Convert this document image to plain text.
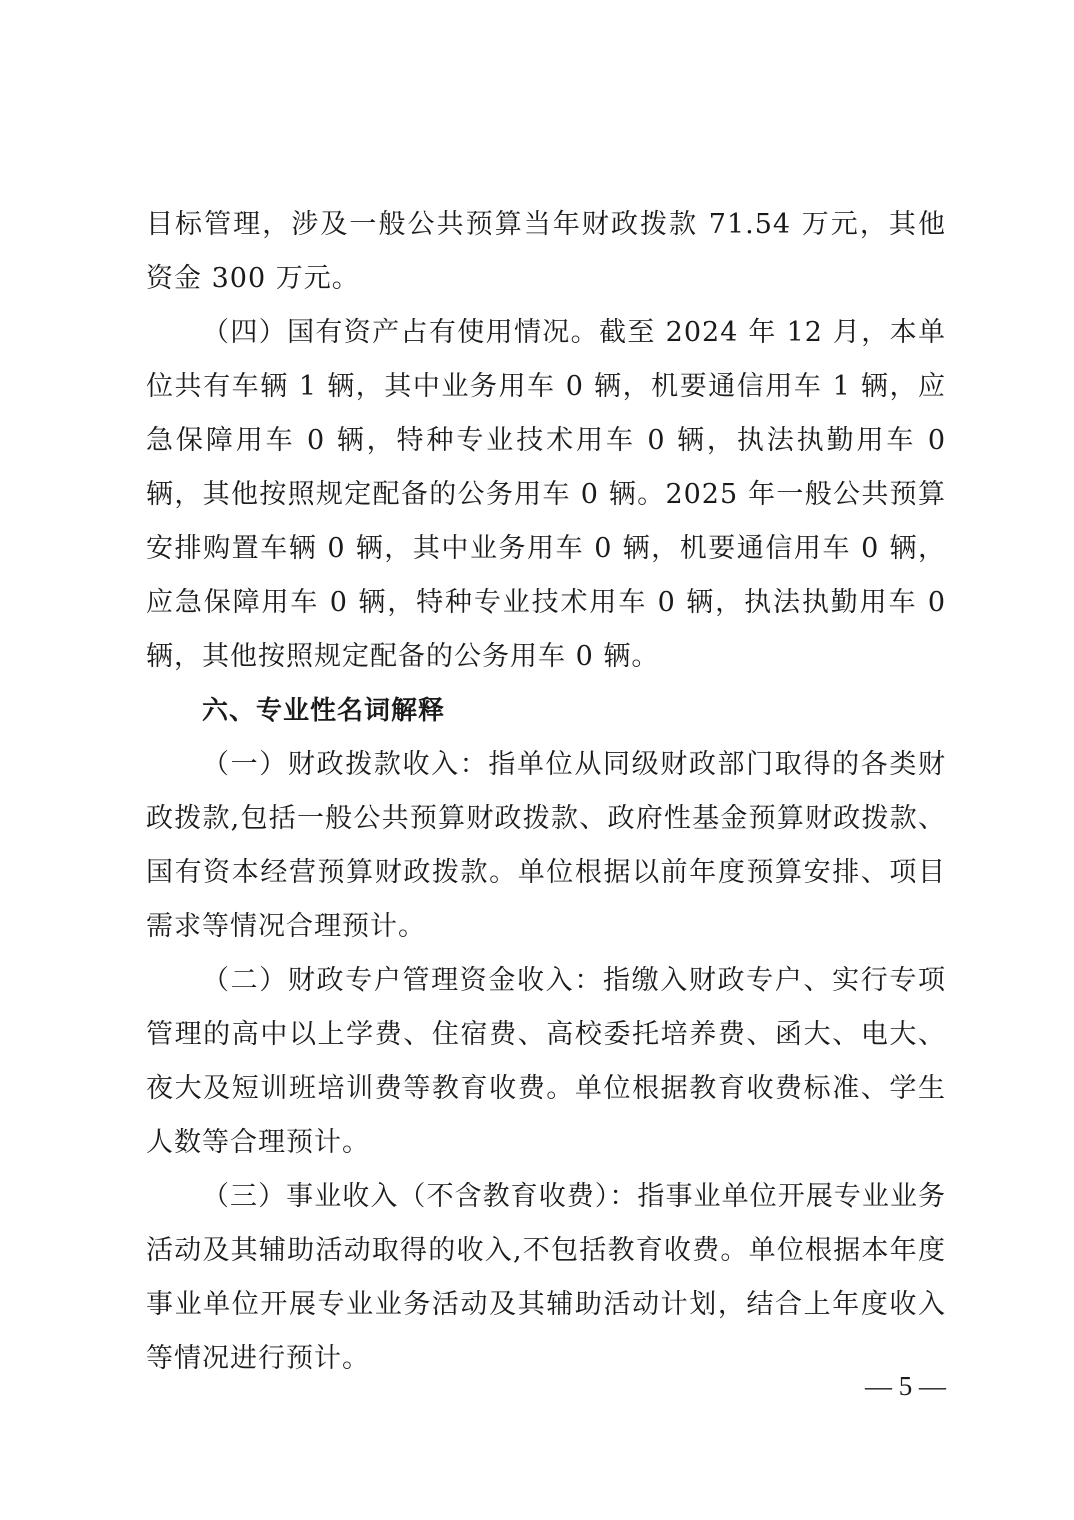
目标管理，涉及一般公共预算当年财政拨款 71.54 万元，其他资金 300 万元。

（四）国有资产占有使用情况。截至 2024 年 12 月，本单位共有车辆 1 辆，其中业务用车 0 辆，机要通信用车 1 辆，应急保障用车 0 辆，特种专业技术用车 0 辆，执法执勤用车 0 辆，其他按照规定配备的公务用车 0 辆。2025 年一般公共预算安排购置车辆 0 辆，其中业务用车 0 辆，机要通信用车 0 辆，应急保障用车 0 辆，特种专业技术用车 0 辆，执法执勤用车 0 辆，其他按照规定配备的公务用车 0 辆。

六、专业性名词解释

（一）财政拨款收入：指单位从同级财政部门取得的各类财政拨款,包括一般公共预算财政拨款、政府性基金预算财政拨款、国有资本经营预算财政拨款。单位根据以前年度预算安排、项目需求等情况合理预计。

（二）财政专户管理资金收入：指缴入财政专户、实行专项管理的高中以上学费、住宿费、高校委托培养费、函大、电大、夜大及短训班培训费等教育收费。单位根据教育收费标准、学生人数等合理预计。

（三）事业收入（不含教育收费）：指事业单位开展专业业务活动及其辅助活动取得的收入,不包括教育收费。单位根据本年度事业单位开展专业业务活动及其辅助活动计划，结合上年度收入等情况进行预计。

— 5 —
